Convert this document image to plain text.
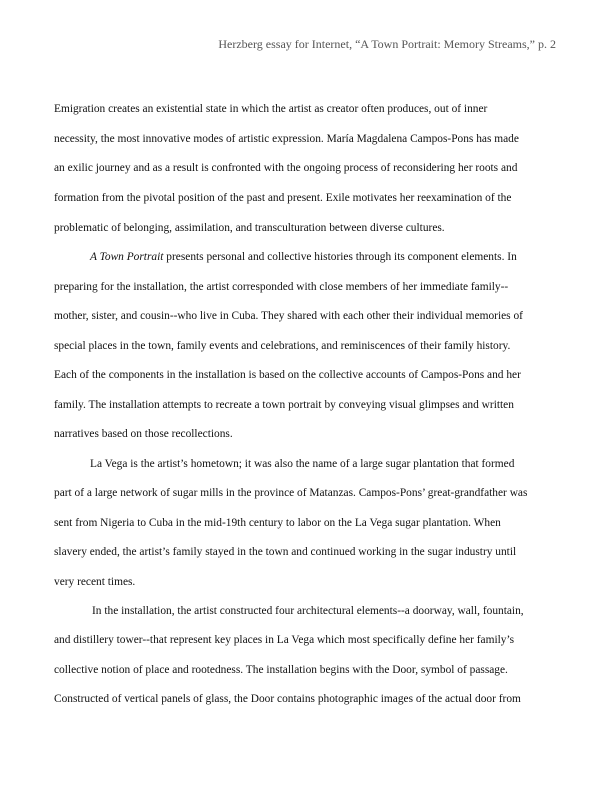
Herzberg essay for Internet, “A Town Portrait: Memory Streams,” p. 2
Emigration creates an existential state in which the artist as creator often produces, out of inner
necessity, the most innovative modes of artistic expression. María Magdalena Campos-Pons has made
an exilic journey and as a result is confronted with the ongoing process of reconsidering her roots and
formation from the pivotal position of the past and present. Exile motivates her reexamination of the
problematic of belonging, assimilation, and transculturation between diverse cultures.
A Town Portrait presents personal and collective histories through its component elements. In
preparing for the installation, the artist corresponded with close members of her immediate family--
mother, sister, and cousin--who live in Cuba. They shared with each other their individual memories of
special places in the town, family events and celebrations, and reminiscences of their family history.
Each of the components in the installation is based on the collective accounts of Campos-Pons and her
family. The installation attempts to recreate a town portrait by conveying visual glimpses and written
narratives based on those recollections.
La Vega is the artist’s hometown; it was also the name of a large sugar plantation that formed
part of a large network of sugar mills in the province of Matanzas. Campos-Pons’ great-grandfather was
sent from Nigeria to Cuba in the mid-19th century to labor on the La Vega sugar plantation. When
slavery ended, the artist’s family stayed in the town and continued working in the sugar industry until
very recent times.
In the installation, the artist constructed four architectural elements--a doorway, wall, fountain,
and distillery tower--that represent key places in La Vega which most specifically define her family’s
collective notion of place and rootedness. The installation begins with the Door, symbol of passage.
Constructed of vertical panels of glass, the Door contains photographic images of the actual door from
